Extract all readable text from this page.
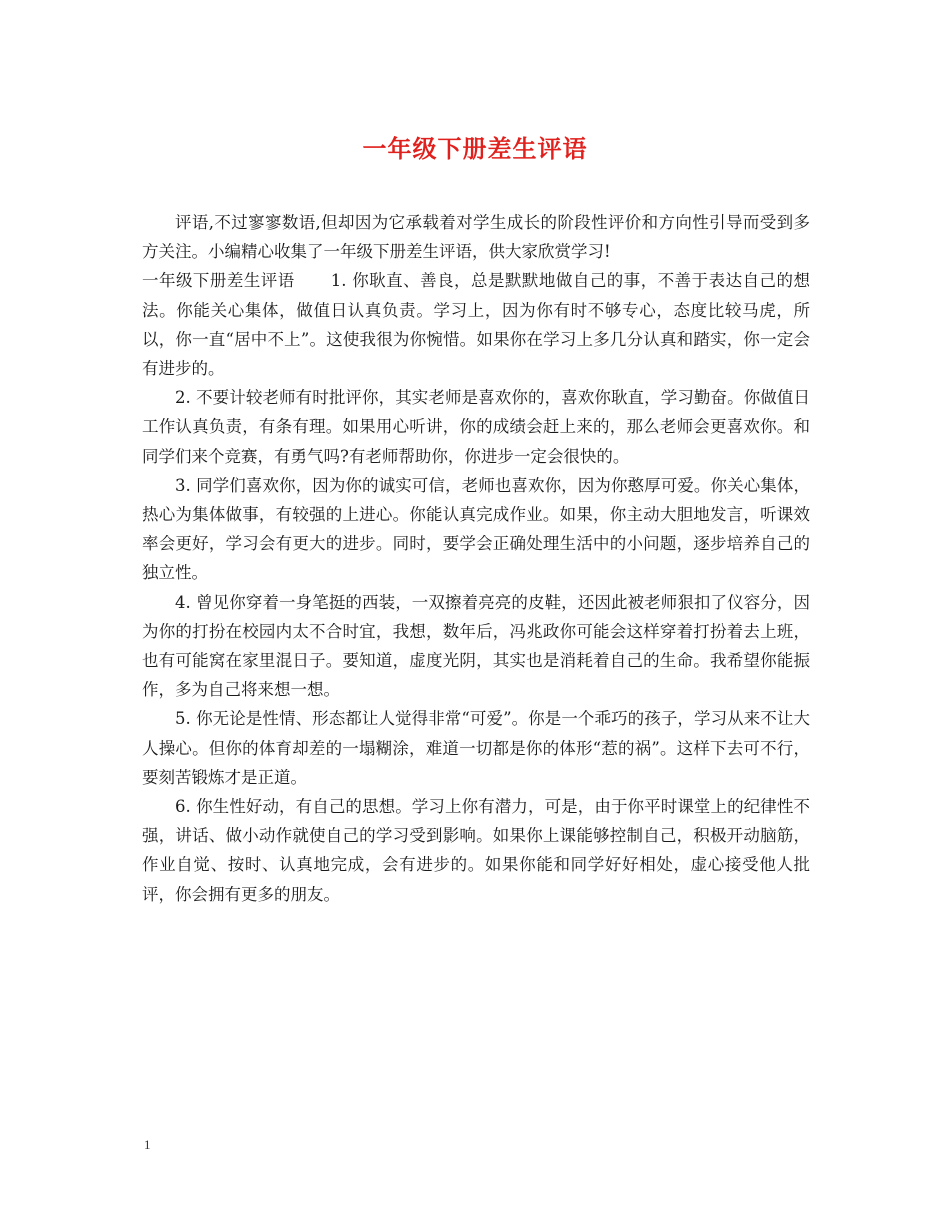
一年级下册差生评语

评语,不过寥寥数语,但却因为它承载着对学生成长的阶段性评价和方向性引导而受到多方关注。小编精心收集了一年级下册差生评语，供大家欣赏学习!

一年级下册差生评语 1. 你耿直、善良，总是默默地做自己的事，不善于表达自己的想法。你能关心集体，做值日认真负责。学习上，因为你有时不够专心，态度比较马虎，所以，你一直“居中不上”。这使我很为你惋惜。如果你在学习上多几分认真和踏实，你一定会有进步的。

2. 不要计较老师有时批评你，其实老师是喜欢你的，喜欢你耿直，学习勤奋。你做值日工作认真负责，有条有理。如果用心听讲，你的成绩会赶上来的，那么老师会更喜欢你。和同学们来个竞赛，有勇气吗?有老师帮助你，你进步一定会很快的。

3. 同学们喜欢你，因为你的诚实可信，老师也喜欢你，因为你憨厚可爱。你关心集体，热心为集体做事，有较强的上进心。你能认真完成作业。如果，你主动大胆地发言，听课效率会更好，学习会有更大的进步。同时，要学会正确处理生活中的小问题，逐步培养自己的独立性。

4. 曾见你穿着一身笔挺的西装，一双擦着亮亮的皮鞋，还因此被老师狠扣了仪容分，因为你的打扮在校园内太不合时宜，我想，数年后，冯兆政你可能会这样穿着打扮着去上班，也有可能窝在家里混日子。要知道，虚度光阴，其实也是消耗着自己的生命。我希望你能振作，多为自己将来想一想。

5. 你无论是性情、形态都让人觉得非常“可爱”。你是一个乖巧的孩子，学习从来不让大人操心。但你的体育却差的一塌糊涂，难道一切都是你的体形“惹的祸”。这样下去可不行，要刻苦锻炼才是正道。

6. 你生性好动，有自己的思想。学习上你有潜力，可是，由于你平时课堂上的纪律性不强，讲话、做小动作就使自己的学习受到影响。如果你上课能够控制自己，积极开动脑筋，作业自觉、按时、认真地完成，会有进步的。如果你能和同学好好相处，虚心接受他人批评，你会拥有更多的朋友。

1
